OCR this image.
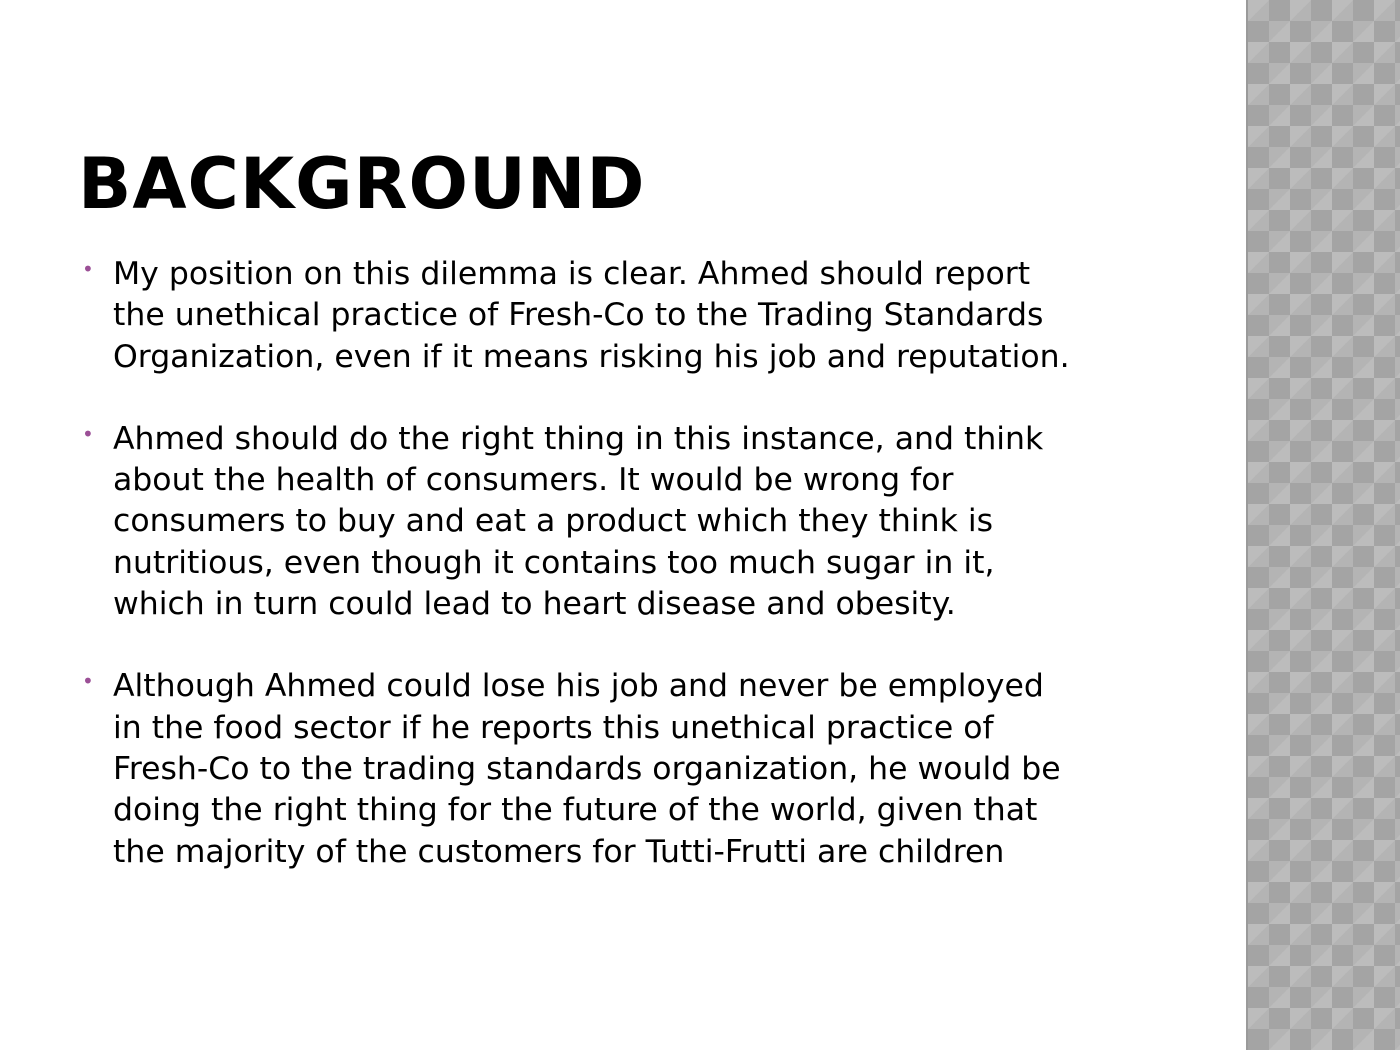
BACKGROUND
• My position on this dilemma is clear. Ahmed should report
the unethical practice of Fresh-Co to the Trading Standards
Organization, even if it means risking his job and reputation.
• Ahmed should do the right thing in this instance, and think
about the health of consumers. It would be wrong for
consumers to buy and eat a product which they think is
nutritious, even though it contains too much sugar in it,
which in turn could lead to heart disease and obesity.
• Although Ahmed could lose his job and never be employed
in the food sector if he reports this unethical practice of
Fresh-Co to the trading standards organization, he would be
doing the right thing for the future of the world, given that
the majority of the customers for Tutti-Frutti are children
